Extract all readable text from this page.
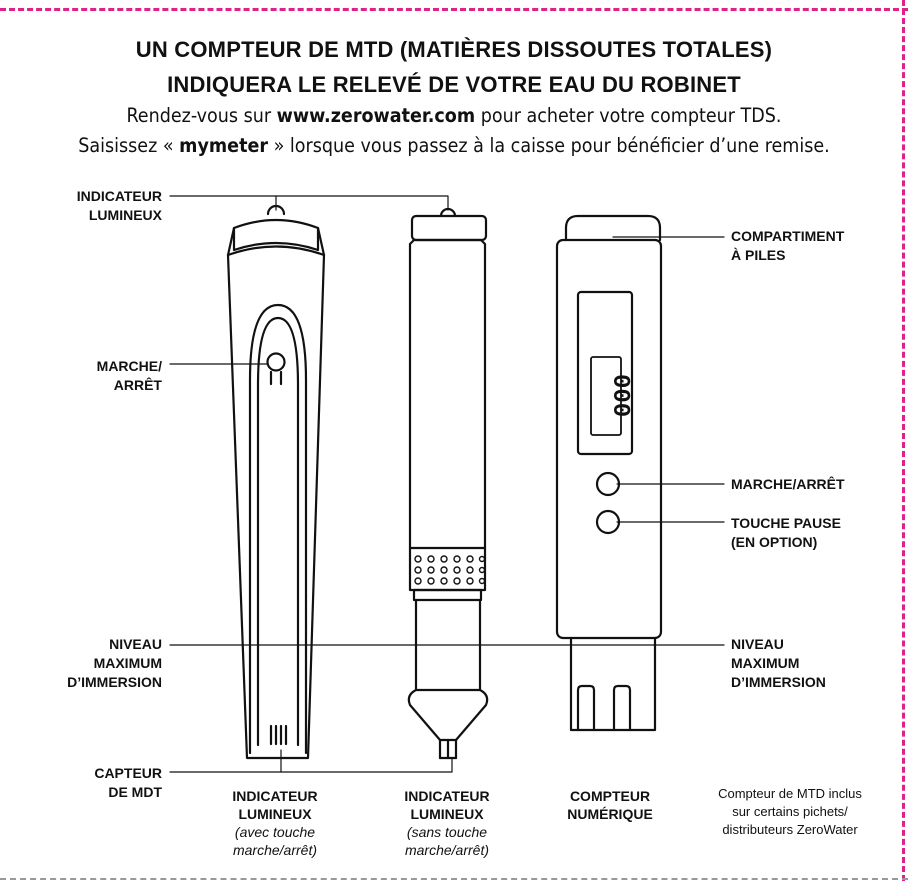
UN COMPTEUR DE MTD (MATIÈRES DISSOUTES TOTALES)
INDIQUERA LE RELEVÉ DE VOTRE EAU DU ROBINET
Rendez-vous sur www.zerowater.com pour acheter votre compteur TDS.
Saisissez « mymeter » lorsque vous passez à la caisse pour bénéficier d’une remise.
000
INDICATEUR
LUMINEUX
MARCHE/
ARRÊT
NIVEAU
MAXIMUM
D’IMMERSION
CAPTEUR
DE MDT
COMPARTIMENT
À PILES
MARCHE/ARRÊT
TOUCHE PAUSE
(EN OPTION)
NIVEAU
MAXIMUM
D’IMMERSION
INDICATEUR
LUMINEUX
(avec touche
marche/arrêt)
INDICATEUR
LUMINEUX
(sans touche
marche/arrêt)
COMPTEUR
NUMÉRIQUE
Compteur de MTD inclus
sur certains pichets/
distributeurs ZeroWater
